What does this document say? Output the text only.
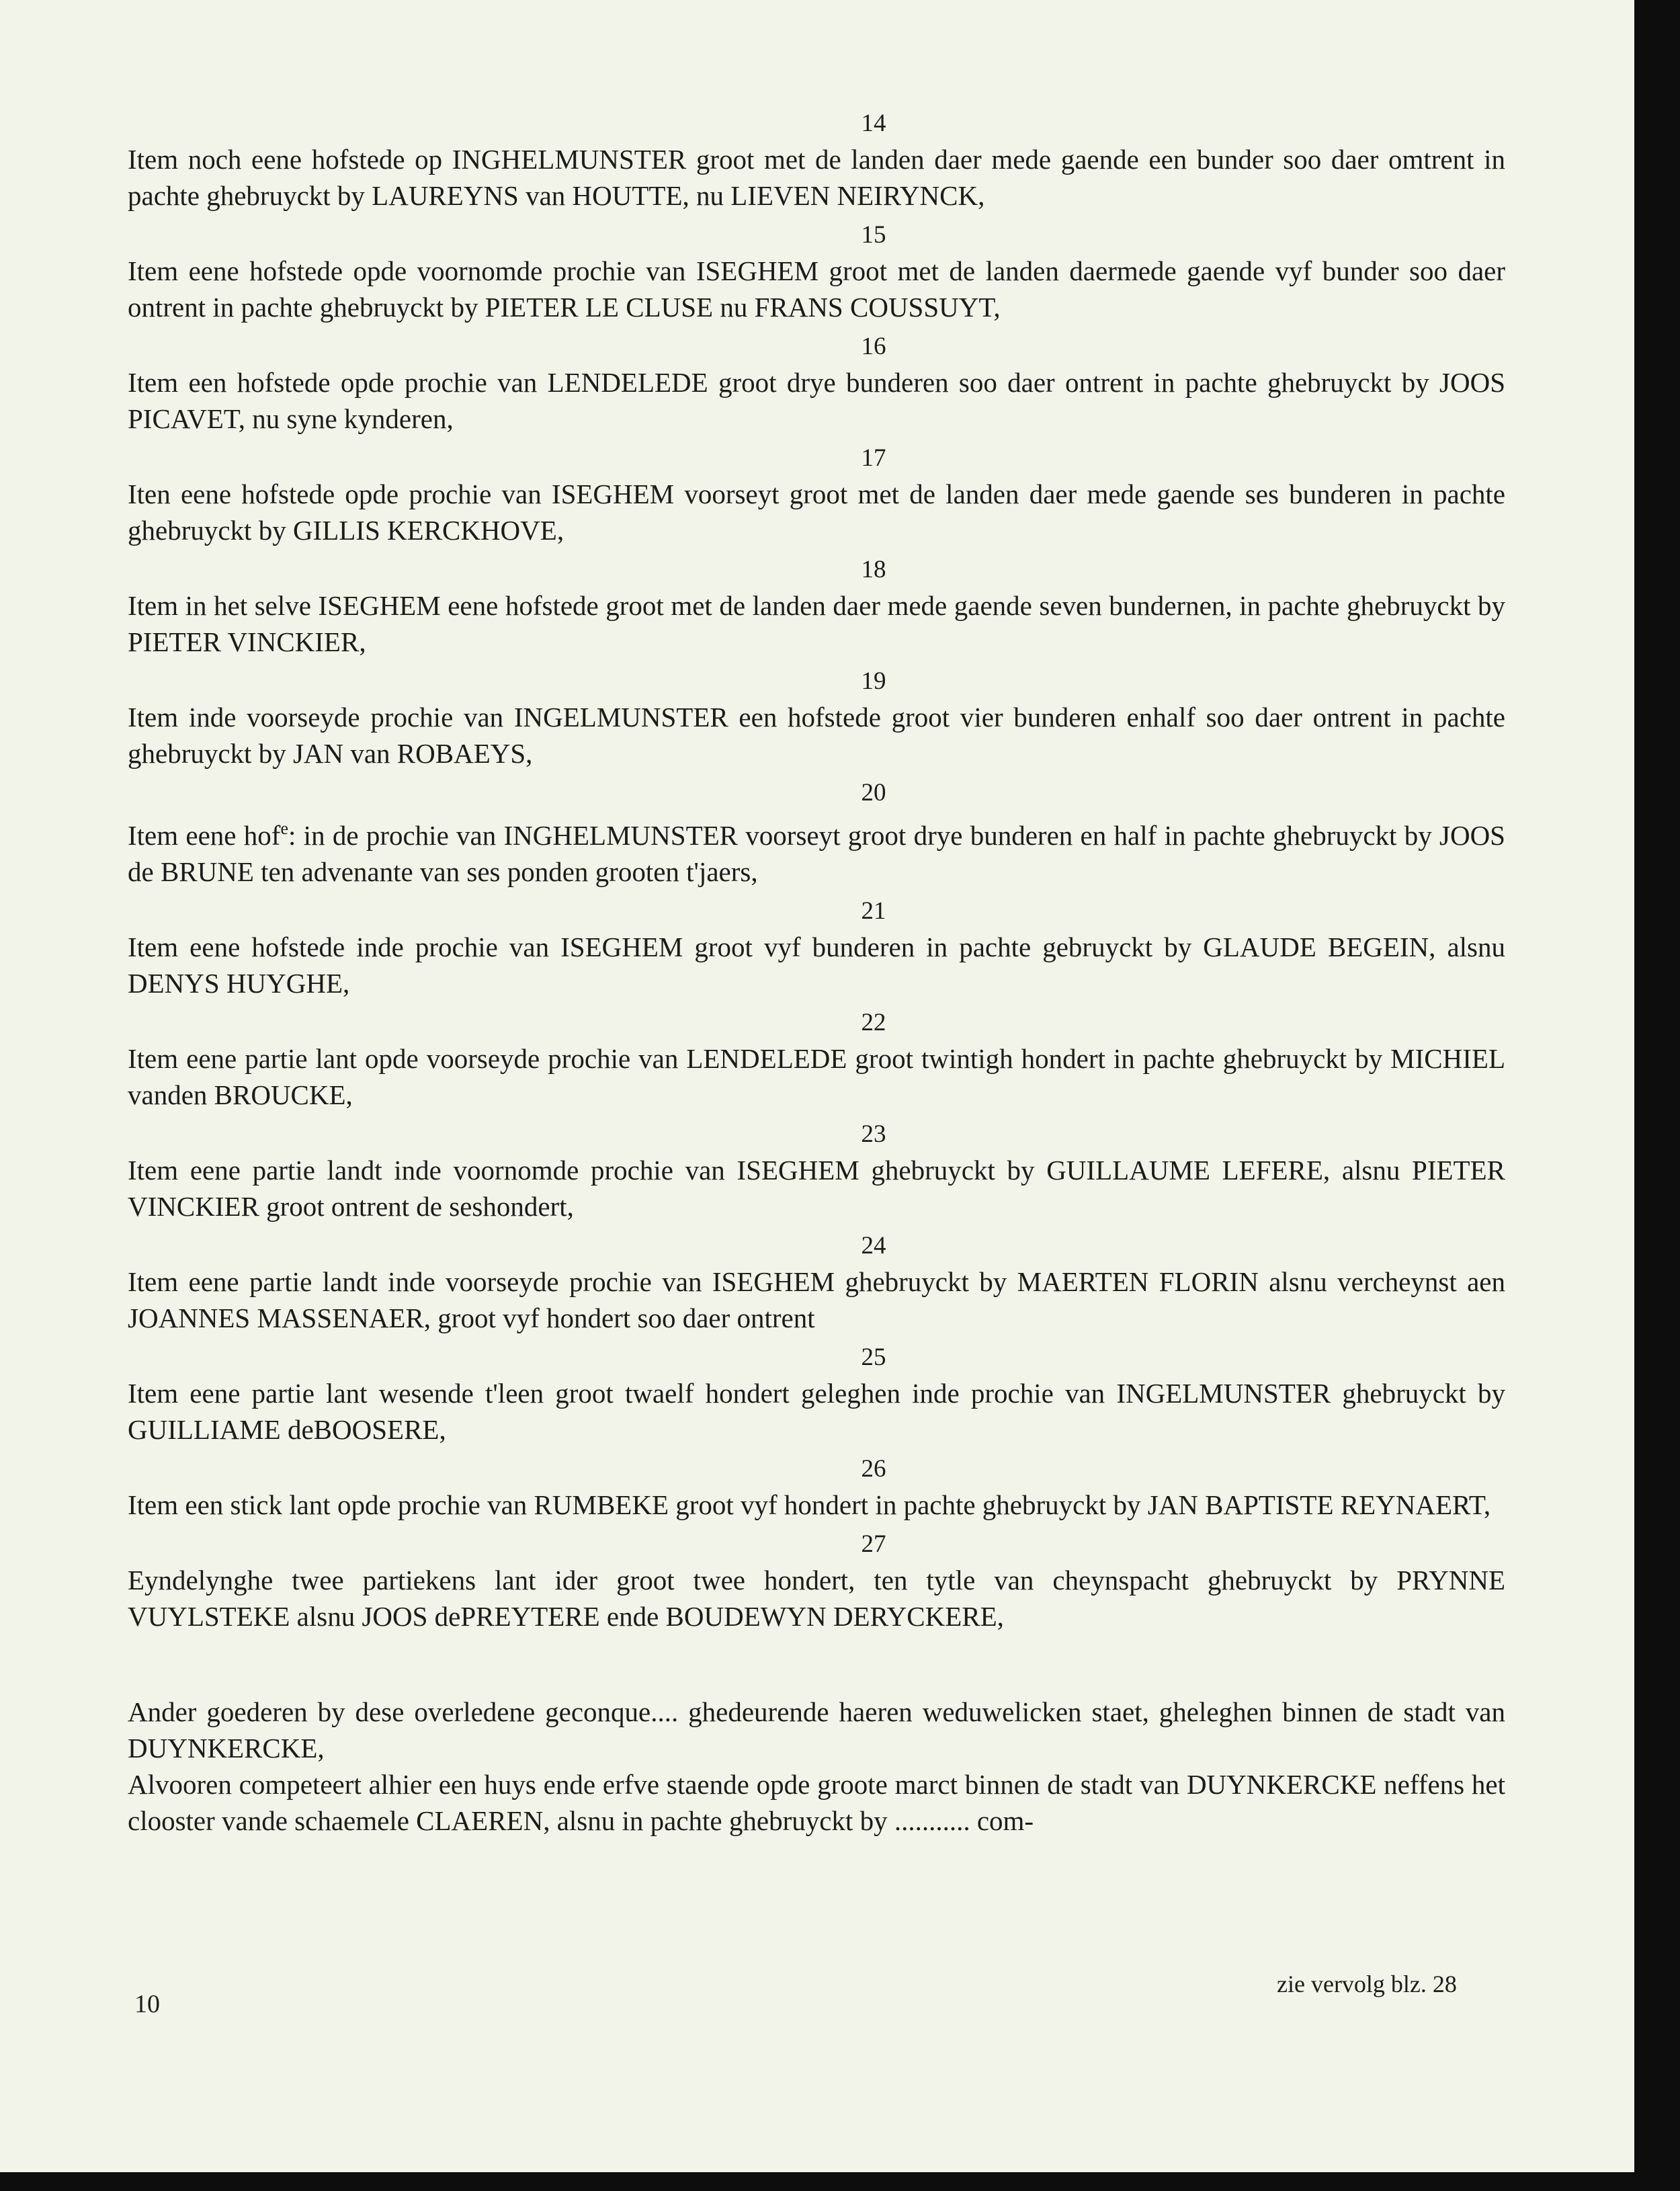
14
Item noch eene hofstede op INGHELMUNSTER groot met de landen daer mede gaende een bunder soo daer omtrent in pachte ghebruyckt by LAUREYNS van HOUTTE, nu LIEVEN NEIRYNCK,
15
Item eene hofstede opde voornomde prochie van ISEGHEM groot met de landen daermede gaende vyf bunder soo daer ontrent in pachte ghebruyckt by PIETER LE CLUSE nu FRANS COUSSUYT,
16
Item een hofstede opde prochie van LENDELEDE groot drye bunderen soo daer ontrent in pachte ghebruyckt by JOOS PICAVET, nu syne kynderen,
17
Iten eene hofstede opde prochie van ISEGHEM voorseyt groot met de landen daer mede gaende ses bunderen in pachte ghebruyckt by GILLIS KERCKHOVE,
18
Item in het selve ISEGHEM eene hofstede groot met de landen daer mede gaende seven bundernen, in pachte ghebruyckt by PIETER VINCKIER,
19
Item inde voorseyde prochie van INGELMUNSTER een hofstede groot vier bunderen enhalf soo daer ontrent in pachte ghebruyckt by JAN van ROBAEYS,
20
Item eene hof$^e$: in de prochie van INGHELMUNSTER voorseyt groot drye bunderen en half in pachte ghebruyckt by JOOS de BRUNE ten advenante van ses ponden grooten t'jaers,
21
Item eene hofstede inde prochie van ISEGHEM groot vyf bunderen in pachte gebruyckt by GLAUDE BEGEIN, alsnu DENYS HUYGHE,
22
Item eene partie lant opde voorseyde prochie van LENDELEDE groot twintigh hondert in pachte ghebruyckt by MICHIEL vanden BROUCKE,
23
Item eene partie landt inde voornomde prochie van ISEGHEM ghebruyckt by GUILLAUME LEFERE, alsnu PIETER VINCKIER groot ontrent de seshondert,
24
Item eene partie landt inde voorseyde prochie van ISEGHEM ghebruyckt by MAERTEN FLORIN alsnu vercheynst aen JOANNES MASSENAER, groot vyf hondert soo daer ontrent
25
Item eene partie lant wesende t'leen groot twaelf hondert geleghen inde prochie van INGELMUNSTER ghebruyckt by GUILLIAME deBOOSERE,
26
Item een stick lant opde prochie van RUMBEKE groot vyf hondert in pachte ghebruyckt by JAN BAPTISTE REYNAERT,
27
Eyndelynghe twee partiekens lant ider groot twee hondert, ten tytle van cheynspacht ghebruyckt by PRYNNE VUYLSTEKE alsnu JOOS dePREYTERE ende BOUDEWYN DERYCKERE,

Ander goederen by dese overledene geconque.... ghedeurende haeren weduwelicken staet, gheleghen binnen de stadt van DUYNKERCKE,

Alvooren competeert alhier een huys ende erfve staende opde groote marct binnen de stadt van DUYNKERCKE neffens het clooster vande schaemele CLAEREN, alsnu in pachte ghebruyckt by ........... com-

zie vervolg blz. 28
10
